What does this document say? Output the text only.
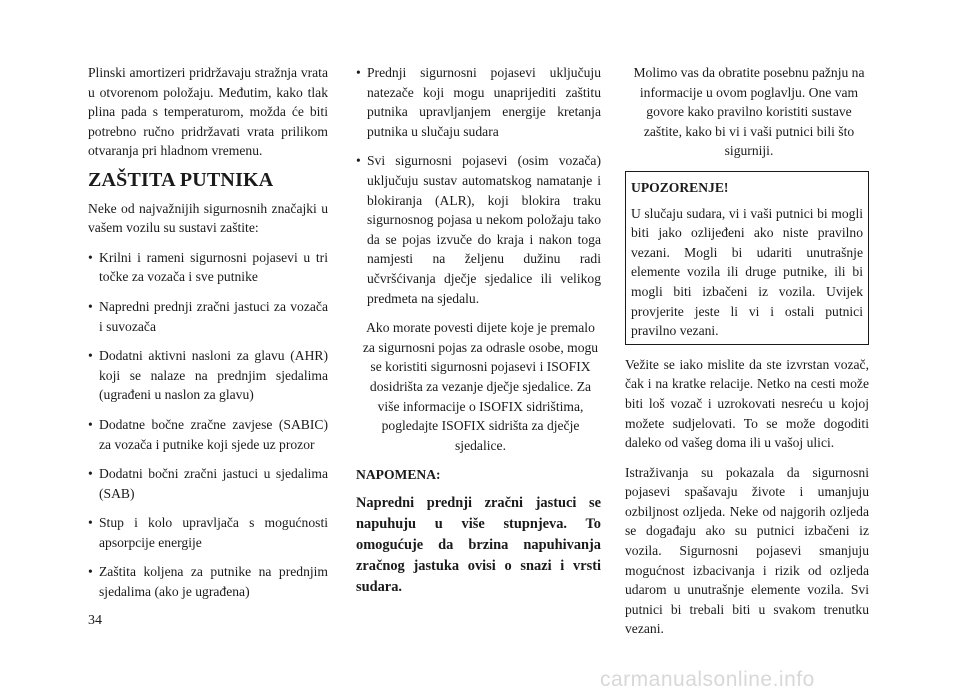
Plinski amortizeri pridržavaju stražnja vrata u otvorenom položaju. Međutim, kako tlak plina pada s temperaturom, možda će biti potrebno ručno pridržavati vrata prilikom otvaranja pri hladnom vremenu.

ZAŠTITA PUTNIKA

Neke od najvažnijih sigurnosnih značajki u vašem vozilu su sustavi zaštite:

• Krilni i rameni sigurnosni pojasevi u tri točke za vozača i sve putnike
• Napredni prednji zračni jastuci za vozača i suvozača
• Dodatni aktivni nasloni za glavu (AHR) koji se nalaze na prednjim sjedalima (ugrađeni u naslon za glavu)
• Dodatne bočne zračne zavjese (SABIC) za vozača i putnike koji sjede uz prozor
• Dodatni bočni zračni jastuci u sjedalima (SAB)
• Stup i kolo upravljača s mogućnosti apsorpcije energije
• Zaštita koljena za putnike na prednjim sjedalima (ako je ugrađena)
• Prednji sigurnosni pojasevi uključuju natezače koji mogu unaprijediti zaštitu putnika upravljanjem energije kretanja putnika u slučaju sudara
• Svi sigurnosni pojasevi (osim vozača) uključuju sustav automatskog namatanje i blokiranja (ALR), koji blokira traku sigurnosnog pojasa u nekom položaju tako da se pojas izvuče do kraja i nakon toga namjesti na željenu dužinu radi učvršćivanja dječje sjedalice ili velikog predmeta na sjedalu.

Ako morate povesti dijete koje je premalo za sigurnosni pojas za odrasle osobe, mogu se koristiti sigurnosni pojasevi i ISOFIX dosidrišta za vezanje dječje sjedalice. Za više informacije o ISOFIX sidrištima, pogledajte ISOFIX sidrišta za dječje sjedalice.

NAPOMENA:

Napredni prednji zračni jastuci se napuhuju u više stupnjeva. To omogućuje da brzina napuhivanja zračnog jastuka ovisi o snazi i vrsti sudara.

Molimo vas da obratite posebnu pažnju na informacije u ovom poglavlju. One vam govore kako pravilno koristiti sustave zaštite, kako bi vi i vaši putnici bili što sigurniji.

UPOZORENJE!
U slučaju sudara, vi i vaši putnici bi mogli biti jako ozlijeđeni ako niste pravilno vezani. Mogli bi udariti unutrašnje elemente vozila ili druge putnike, ili bi mogli biti izbačeni iz vozila. Uvijek provjerite jeste li vi i ostali putnici pravilno vezani.

Vežite se iako mislite da ste izvrstan vozač, čak i na kratke relacije. Netko na cesti može biti loš vozač i uzrokovati nesreću u kojoj možete sudjelovati. To se može dogoditi daleko od vašeg doma ili u vašoj ulici.

Istraživanja su pokazala da sigurnosni pojasevi spašavaju živote i umanjuju ozbiljnost ozljeda. Neke od najgorih ozljeda se događaju ako su putnici izbačeni iz vozila. Sigurnosni pojasevi smanjuju mogućnost izbacivanja i rizik od ozljeda udarom u unutrašnje elemente vozila. Svi putnici bi trebali biti u svakom trenutku vezani.

34
carmanualsonline.info
